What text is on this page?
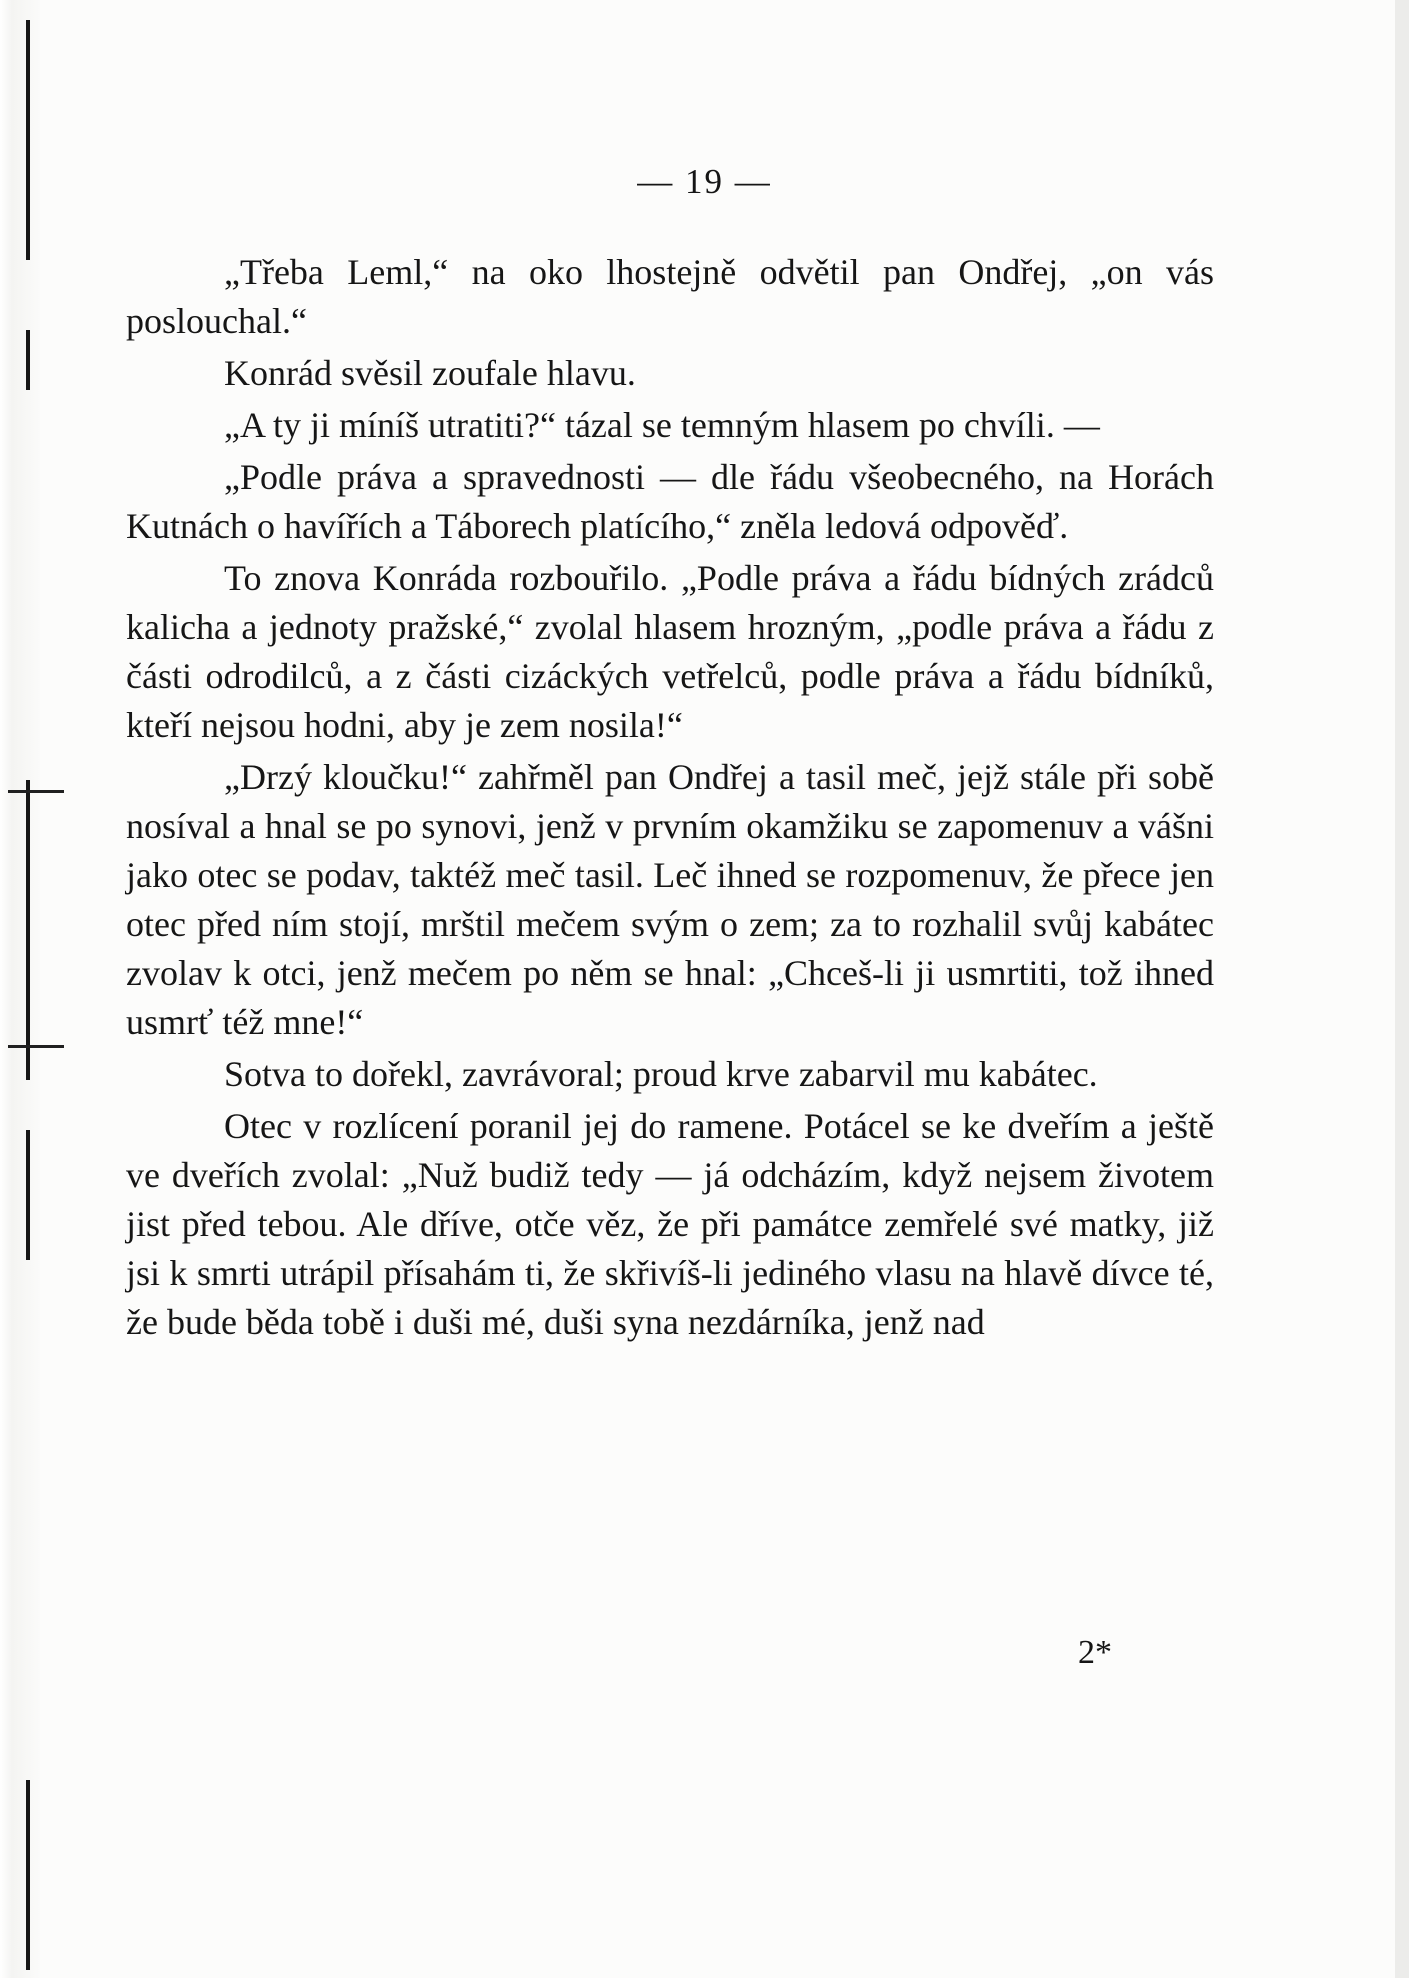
— 19 —

„Třeba Leml,“ na oko lhostejně odvětil pan Ondřej, „on vás poslouchal.“

Konrád svěsil zoufale hlavu.

„A ty ji míníš utratiti?“ tázal se temným hlasem po chvíli. —

„Podle práva a spravednosti — dle řádu všeobecného, na Horách Kutnách o havířích a Táborech platícího,“ zněla ledová odpověď.

To znova Konráda rozbouřilo. „Podle práva a řádu bídných zrádců kalicha a jednoty pražské,“ zvolal hlasem hrozným, „podle práva a řádu z části odrodilců, a z části cizáckých vetřelců, podle práva a řádu bídníků, kteří nejsou hodni, aby je zem nosila!“

„Drzý kloučku!“ zahřměl pan Ondřej a tasil meč, jejž stále při sobě nosíval a hnal se po synovi, jenž v prvním okamžiku se zapomenuv a vášni jako otec se podav, taktéž meč tasil. Leč ihned se rozpomenuv, že přece jen otec před ním stojí, mrštil mečem svým o zem; za to rozhalil svůj kabátec zvolav k otci, jenž mečem po něm se hnal: „Chceš-li ji usmrtiti, tož ihned usmrť též mne!“

Sotva to dořekl, zavrávoral; proud krve zabarvil mu kabátec.

Otec v rozlícení poranil jej do ramene. Potácel se ke dveřím a ještě ve dveřích zvolal: „Nuž budiž tedy — já odcházím, když nejsem životem jist před tebou. Ale dříve, otče věz, že při památce zemřelé své matky, již jsi k smrti utrápil přísahám ti, že skřivíš-li jediného vlasu na hlavě dívce té, že bude běda tobě i duši mé, duši syna nezdárníka, jenž nad

2*
